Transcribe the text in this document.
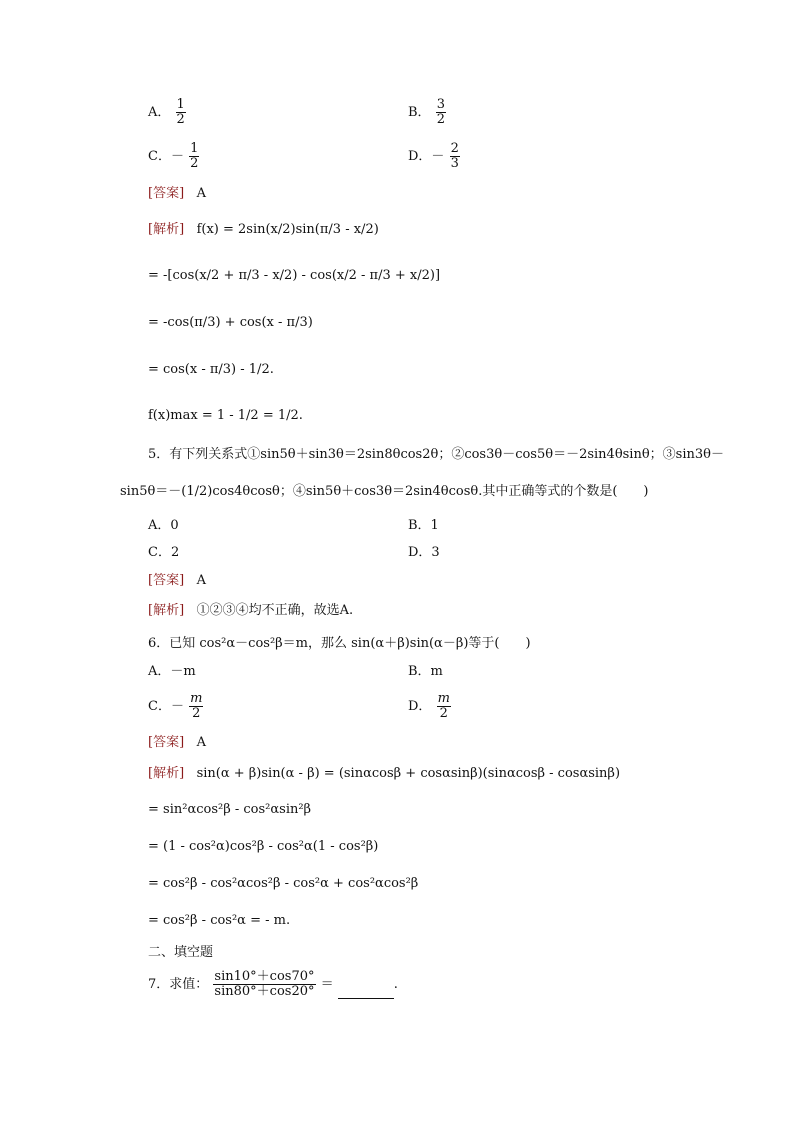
A． $\frac{1}{2}$	B． $\frac{3}{2}$
C．－ $\frac{1}{2}$	D．－ $\frac{2}{3}$
[答案] A
[解析] f(x) = 2sin(x/2)sin(π/3 - x/2)
= -[cos(x/2 + π/3 - x/2) - cos(x/2 - π/3 + x/2)]
= -cos(π/3) + cos(x - π/3)
= cos(x - π/3) - 1/2.
f(x)max = 1 - 1/2 = 1/2.
5．有下列关系式①sin5θ＋sin3θ＝2sin8θcos2θ；②cos3θ－cos5θ＝－2sin4θsinθ；③sin3θ－
sin5θ＝－(1/2)cos4θcosθ；④sin5θ＋cos3θ＝2sin4θcosθ.其中正确等式的个数是(　　)
A．0	B．1
C．2	D．3
[答案] A
[解析] ①②③④均不正确，故选A.
6．已知 cos²α－cos²β＝m，那么 sin(α＋β)sin(α－β)等于(　　)
A．－m	B．m
C．－ $\frac{m}{2}$	D． $\frac{m}{2}$
[答案] A
[解析] sin(α + β)sin(α - β) = (sinαcosβ + cosαsinβ)(sinαcosβ - cosαsinβ)
= sin²αcos²β - cos²αsin²β
= (1 - cos²α)cos²β - cos²α(1 - cos²β)
= cos²β - cos²αcos²β - cos²α + cos²αcos²β
= cos²β - cos²α = - m.
二、填空题
7．求值： $\frac{\sin 10^\circ+\cos 70^\circ}{\sin 80^\circ+\cos 20^\circ}$ ＝	.
